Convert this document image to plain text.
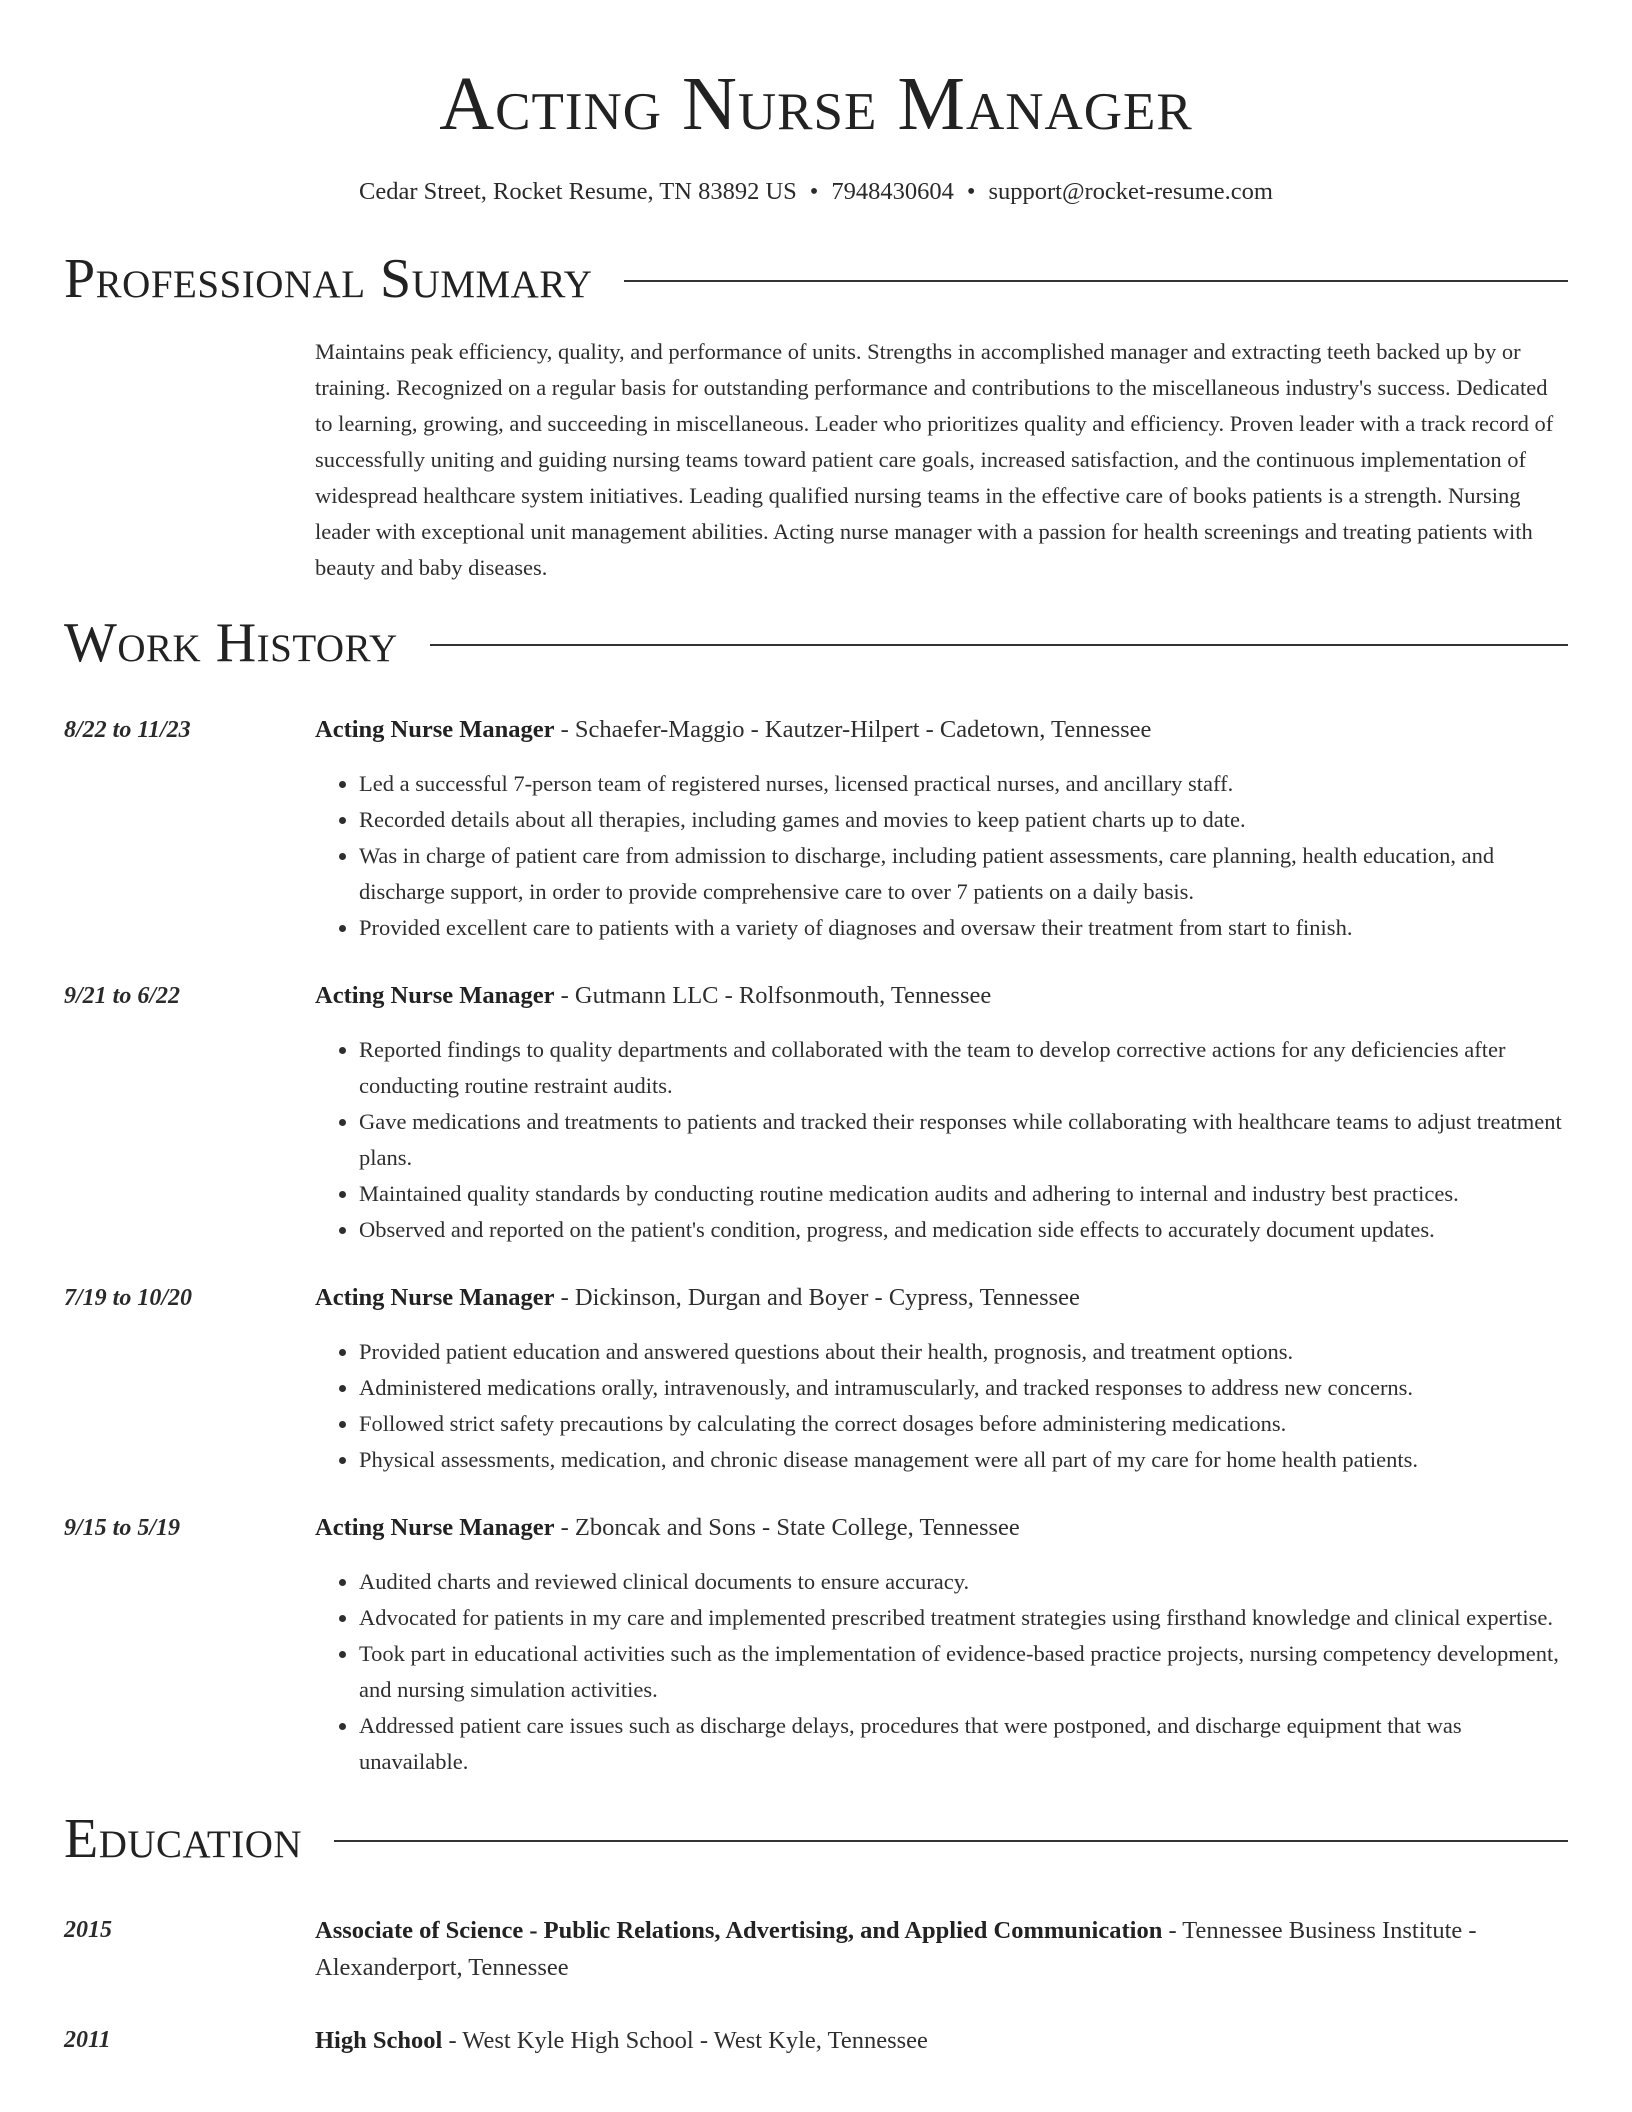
Acting Nurse Manager
Cedar Street, Rocket Resume, TN 83892 US • 7948430604 • support@rocket-resume.com
Professional Summary

Maintains peak efficiency, quality, and performance of units. Strengths in accomplished manager and extracting teeth backed up by or training. Recognized on a regular basis for outstanding performance and contributions to the miscellaneous industry's success. Dedicated to learning, growing, and succeeding in miscellaneous. Leader who prioritizes quality and efficiency. Proven leader with a track record of successfully uniting and guiding nursing teams toward patient care goals, increased satisfaction, and the continuous implementation of widespread healthcare system initiatives. Leading qualified nursing teams in the effective care of books patients is a strength. Nursing leader with exceptional unit management abilities. Acting nurse manager with a passion for health screenings and treating patients with beauty and baby diseases.

Work History
8/22 to 11/23	Acting Nurse Manager - Schaefer-Maggio - Kautzer-Hilpert - Cadetown, Tennessee
• Led a successful 7-person team of registered nurses, licensed practical nurses, and ancillary staff.
• Recorded details about all therapies, including games and movies to keep patient charts up to date.
• Was in charge of patient care from admission to discharge, including patient assessments, care planning, health education, and discharge support, in order to provide comprehensive care to over 7 patients on a daily basis.
• Provided excellent care to patients with a variety of diagnoses and oversaw their treatment from start to finish.
9/21 to 6/22	Acting Nurse Manager - Gutmann LLC - Rolfsonmouth, Tennessee
• Reported findings to quality departments and collaborated with the team to develop corrective actions for any deficiencies after conducting routine restraint audits.
• Gave medications and treatments to patients and tracked their responses while collaborating with healthcare teams to adjust treatment plans.
• Maintained quality standards by conducting routine medication audits and adhering to internal and industry best practices.
• Observed and reported on the patient's condition, progress, and medication side effects to accurately document updates.
7/19 to 10/20	Acting Nurse Manager - Dickinson, Durgan and Boyer - Cypress, Tennessee
• Provided patient education and answered questions about their health, prognosis, and treatment options.
• Administered medications orally, intravenously, and intramuscularly, and tracked responses to address new concerns.
• Followed strict safety precautions by calculating the correct dosages before administering medications.
• Physical assessments, medication, and chronic disease management were all part of my care for home health patients.
9/15 to 5/19	Acting Nurse Manager - Zboncak and Sons - State College, Tennessee
• Audited charts and reviewed clinical documents to ensure accuracy.
• Advocated for patients in my care and implemented prescribed treatment strategies using firsthand knowledge and clinical expertise.
• Took part in educational activities such as the implementation of evidence-based practice projects, nursing competency development, and nursing simulation activities.
• Addressed patient care issues such as discharge delays, procedures that were postponed, and discharge equipment that was unavailable.
Education
2015	Associate of Science - Public Relations, Advertising, and Applied Communication - Tennessee Business Institute - Alexanderport, Tennessee
2011	High School - West Kyle High School - West Kyle, Tennessee
